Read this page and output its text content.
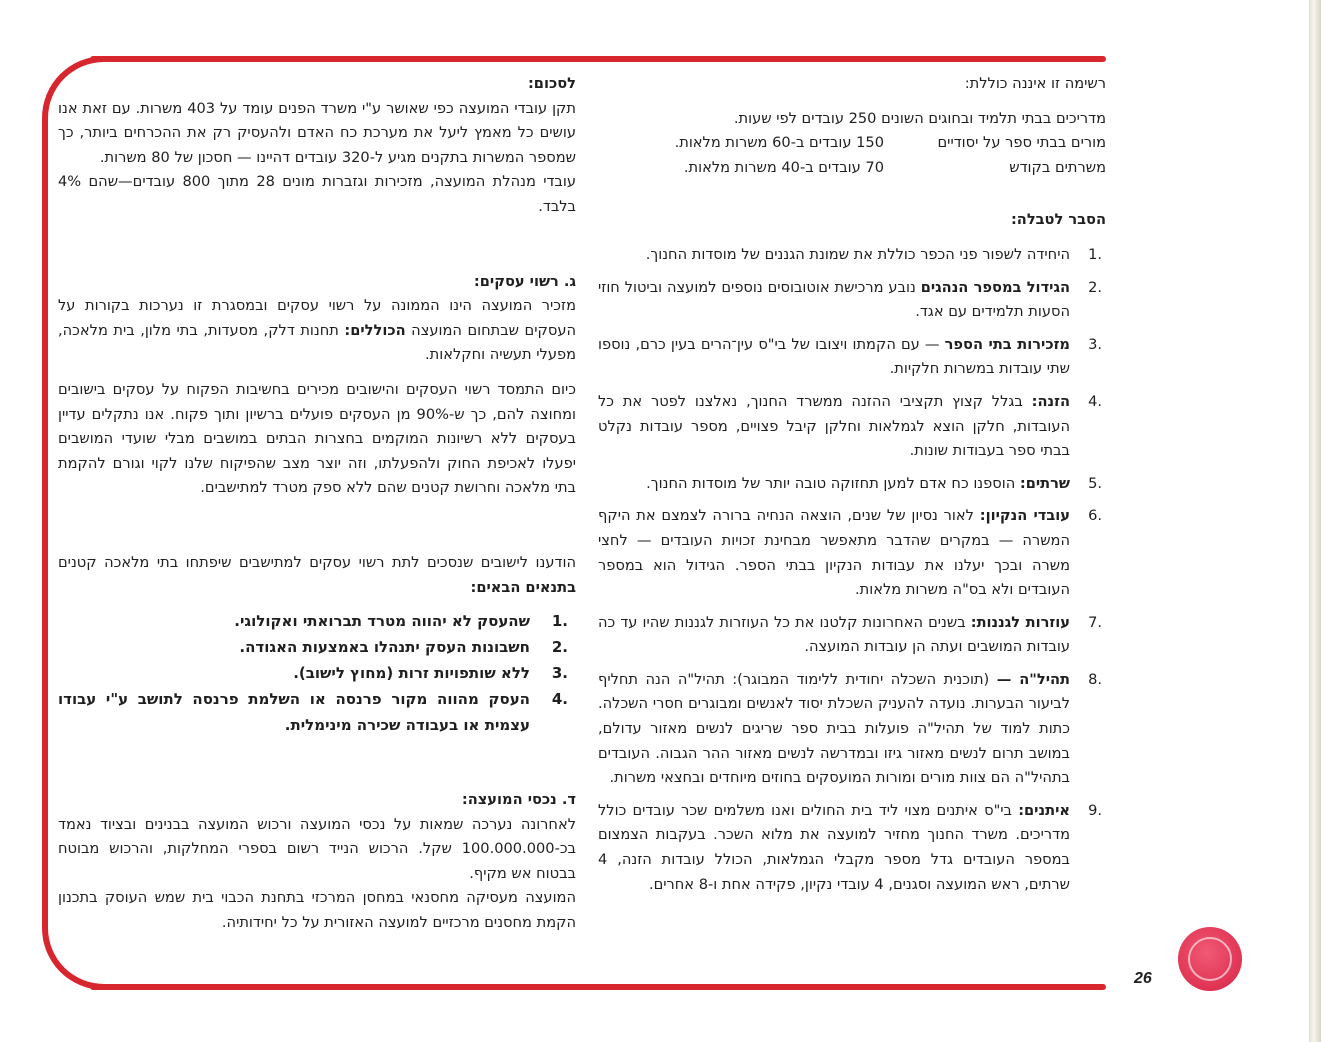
לסכום:

תקן עובדי המועצה כפי שאושר ע"י משרד הפנים עומד על 403 משרות. עם זאת אנו עושים כל מאמץ ליעל את מערכת כח האדם ולהעסיק רק את ההכרחים ביותר, כך שמספר המשרות בתקנים מגיע ל-320 עובדים דהיינו — חסכון של 80 משרות.

עובדי מנהלת המועצה, מזכירות וגזברות מונים 28 מתוך 800 עובדים—שהם 4% בלבד.

ג. רשוי עסקים:

מזכיר המועצה הינו הממונה על רשוי עסקים ובמסגרת זו נערכות בקורות על העסקים שבתחום המועצה הכוללים: תחנות דלק, מסעדות, בתי מלון, בית מלאכה, מפעלי תעשיה וחקלאות.

כיום התמסד רשוי העסקים והישובים מכירים בחשיבות הפקוח על עסקים בישובים ומחוצה להם, כך ש-90% מן העסקים פועלים ברשיון ותוך פקוח. אנו נתקלים עדיין בעסקים ללא רשיונות המוקמים בחצרות הבתים במושבים מבלי שועדי המושבים יפעלו לאכיפת החוק ולהפעלתו, וזה יוצר מצב שהפיקוח שלנו לקוי וגורם להקמת בתי מלאכה וחרושת קטנים שהם ללא ספק מטרד למתישבים.

הודענו לישובים שנסכים לתת רשוי עסקים למתישבים שיפתחו בתי מלאכה קטנים בתנאים הבאים:

.1
שהעסק לא יהווה מטרד תברואתי ואקולוגי.
.2
חשבונות העסק יתנהלו באמצעות האגודה.
.3
ללא שותפויות זרות (מחוץ לישוב).
.4
העסק מהווה מקור פרנסה או השלמת פרנסה לתושב ע"י עבודו עצמית או בעבודה שכירה מינימלית.

ד. נכסי המועצה:

לאחרונה נערכה שמאות על נכסי המועצה ורכוש המועצה בבנינים ובציוד נאמד בכ-100.000.000 שקל. הרכוש הנייד רשום בספרי המחלקות, והרכוש מבוטח בבטוח אש מקיף.

המועצה מעסיקה מחסנאי במחסן המרכזי בתחנת הכבוי בית שמש העוסק בתכנון הקמת מחסנים מרכזיים למועצה האזורית על כל יחידותיה.

רשימה זו איננה כוללת:

מדריכים בבתי תלמיד ובחוגים השונים 250 עובדים לפי שעות.

מורים בבתי ספר על יסודיים
150 עובדים ב-60 משרות מלאות.
משרתים בקודש
70 עובדים ב-40 משרות מלאות.

הסבר לטבלה:

.1
היחידה לשפור פני הכפר כוללת את שמונת הגננים של מוסדות החנוך.
.2
הגידול במספר הנהגים נובע מרכישת אוטובוסים נוספים למועצה וביטול חוזי הסעות תלמידים עם אגד.
.3
מזכירות בתי הספר — עם הקמתו ויצובו של בי"ס עין־הרים בעין כרם, נוספו שתי עובדות במשרות חלקיות.
.4
הזנה: בגלל קצוץ תקציבי ההזנה ממשרד החנוך, נאלצנו לפטר את כל העובדות, חלקן הוצא לגמלאות וחלקן קיבל פצויים, מספר עובדות נקלט בבתי ספר בעבודות שונות.
.5
שרתים: הוספנו כח אדם למען תחזוקה טובה יותר של מוסדות החנוך.
.6
עובדי הנקיון: לאור נסיון של שנים, הוצאה הנחיה ברורה לצמצם את היקף המשרה — במקרים שהדבר מתאפשר מבחינת זכויות העובדים — לחצי משרה ובכך יעלנו את עבודות הנקיון בבתי הספר. הגידול הוא במספר העובדים ולא בס"ה משרות מלאות.
.7
עוזרות לגננות: בשנים האחרונות קלטנו את כל העוזרות לגננות שהיו עד כה עובדות המושבים ועתה הן עובדות המועצה.
.8
תהיל"ה — (תוכנית השכלה יחודית ללימוד המבוגר): תהיל"ה הנה תחליף לביעור הבערות. נועדה להעניק השכלת יסוד לאנשים ומבוגרים חסרי השכלה. כתות למוד של תהיל"ה פועלות בבית ספר שריגים לנשים מאזור עדולם, במושב תרום לנשים מאזור גיזו ובמדרשה לנשים מאזור ההר הגבוה. העובדים בתהיל"ה הם צוות מורים ומורות המועסקים בחוזים מיוחדים ובחצאי משרות.
.9
איתנים: בי"ס איתנים מצוי ליד בית החולים ואנו משלמים שכר עובדים כולל מדריכים. משרד החנוך מחזיר למועצה את מלוא השכר. בעקבות הצמצום במספר העובדים גדל מספר מקבלי הגמלאות, הכולל עובדות הזנה, 4 שרתים, ראש המועצה וסגנים, 4 עובדי נקיון, פקידה אחת ו-8 אחרים.
26
